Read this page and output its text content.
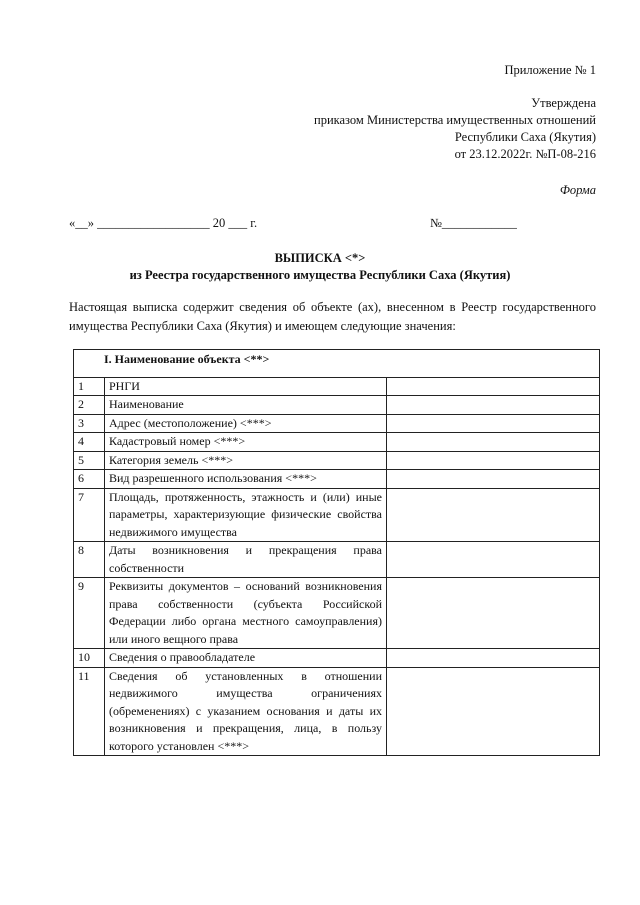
Приложение № 1
Утверждена
приказом Министерства имущественных отношений
Республики Саха (Якутия)
от 23.12.2022г. №П-08-216
Форма
«__» __________________ 20 ___ г.	№____________
ВЫПИСКА <*>
из Реестра государственного имущества Республики Саха (Якутия)
Настоящая выписка содержит сведения об объекте (ах), внесенном в Реестр государственного имущества Республики Саха (Якутия) и имеющем следующие значения:
I. Наименование объекта <**>		
1	РНГИ	
2	Наименование	
3	Адрес (местоположение) <***>	
4	Кадастровый номер <***>	
5	Категория земель <***>	
6	Вид разрешенного использования <***>	
7	Площадь, протяженность, этажность и (или) иные параметры, характеризующие физические свойства недвижимого имущества	
8	Даты возникновения и прекращения права собственности	
9	Реквизиты документов – оснований возникновения права собственности (субъекта Российской Федерации либо органа местного самоуправления) или иного вещного права	
10	Сведения о правообладателе	
11	Сведения об установленных в отношении недвижимого имущества ограничениях (обременениях) с указанием основания и даты их возникновения и прекращения, лица, в пользу которого установлен <***>	
